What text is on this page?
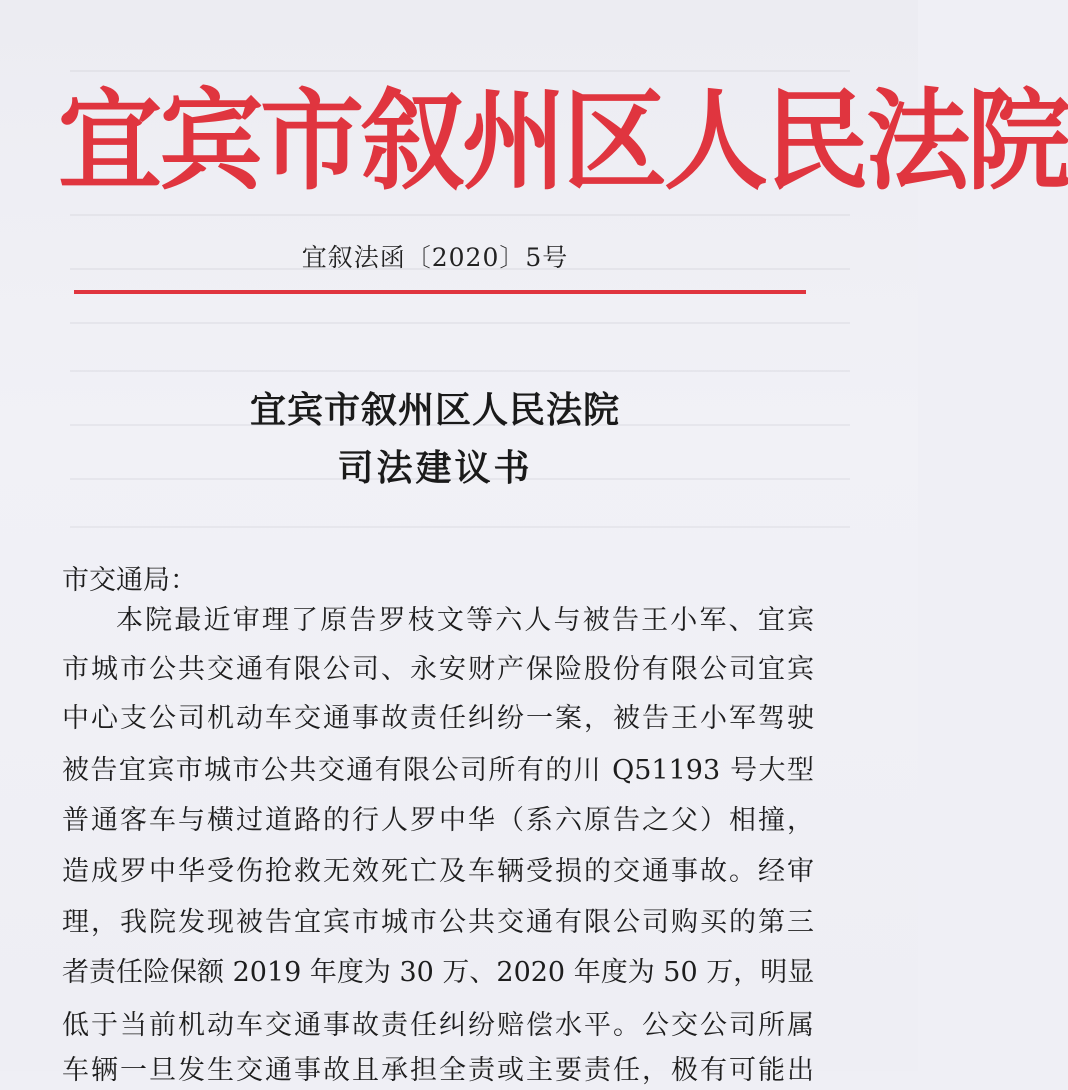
宜宾市叙州区人民法院
宜叙法函〔2020〕5号
宜宾市叙州区人民法院
司法建议书
市交通局：
本院最近审理了原告罗枝文等六人与被告王小军、宜宾
市城市公共交通有限公司、永安财产保险股份有限公司宜宾
中心支公司机动车交通事故责任纠纷一案，被告王小军驾驶
被告宜宾市城市公共交通有限公司所有的川 Q51193 号大型
普通客车与横过道路的行人罗中华（系六原告之父）相撞，
造成罗中华受伤抢救无效死亡及车辆受损的交通事故。经审
理，我院发现被告宜宾市城市公共交通有限公司购买的第三
者责任险保额 2019 年度为 30 万、2020 年度为 50 万，明显
低于当前机动车交通事故责任纠纷赔偿水平。公交公司所属
车辆一旦发生交通事故且承担全责或主要责任，极有可能出
